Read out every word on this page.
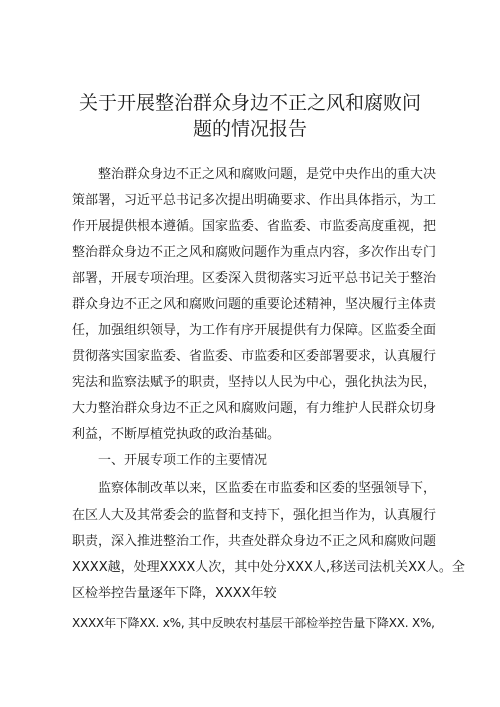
关于开展整治群众身边不正之风和腐败问
题的情况报告

整治群众身边不正之风和腐败问题，是党中央作出的重大决

策部署，习近平总书记多次提出明确要求、作出具体指示，为工

作开展提供根本遵循。国家监委、省监委、市监委高度重视，把

整治群众身边不正之风和腐败问题作为重点内容，多次作出专门

部署，开展专项治理。区委深入贯彻落实习近平总书记关于整治

群众身边不正之风和腐败问题的重要论述精神，坚决履行主体责

任，加强组织领导，为工作有序开展提供有力保障。区监委全面

贯彻落实国家监委、省监委、市监委和区委部署要求，认真履行

宪法和监察法赋予的职责，坚持以人民为中心，强化执法为民，

大力整治群众身边不正之风和腐败问题，有力维护人民群众切身

利益，不断厚植党执政的政治基础。

一、开展专项工作的主要情况

监察体制改革以来，区监委在市监委和区委的坚强领导下，

在区人大及其常委会的监督和支持下，强化担当作为，认真履行

职责，深入推进整治工作，共查处群众身边不正之风和腐败问题

XXXX越，处理XXXX人次，其中处分XXX人,移送司法机关XX人。全

区检举控告量逐年下降，XXXX年较

XXXX年下降XX. x%, 其中反映农村基层干部检举控告量下降XX. X%,
